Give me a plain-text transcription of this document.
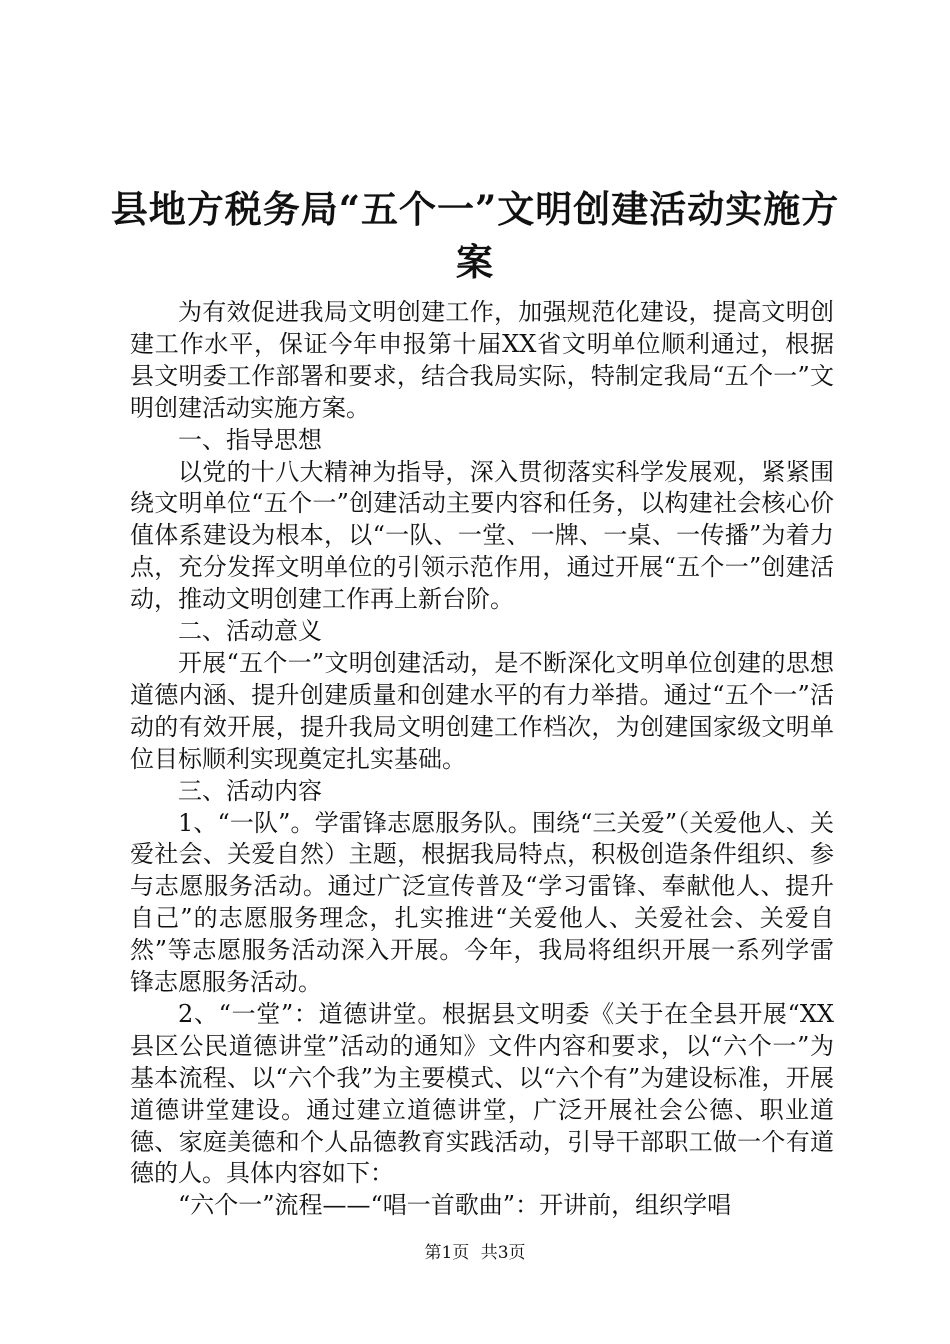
县地方税务局“五个一”文明创建活动实施方
案

为有效促进我局文明创建工作，加强规范化建设，提高文明创建工作水平，保证今年申报第十届XX省文明单位顺利通过，根据县文明委工作部署和要求，结合我局实际，特制定我局“五个一”文明创建活动实施方案。

一、指导思想

以党的十八大精神为指导，深入贯彻落实科学发展观，紧紧围绕文明单位“五个一”创建活动主要内容和任务，以构建社会核心价值体系建设为根本，以“一队、一堂、一牌、一桌、一传播”为着力点，充分发挥文明单位的引领示范作用，通过开展“五个一”创建活动，推动文明创建工作再上新台阶。

二、活动意义

开展“五个一”文明创建活动，是不断深化文明单位创建的思想道德内涵、提升创建质量和创建水平的有力举措。通过“五个一”活动的有效开展，提升我局文明创建工作档次，为创建国家级文明单位目标顺利实现奠定扎实基础。

三、活动内容

1、“一队”。学雷锋志愿服务队。围绕“三关爱”（关爱他人、关爱社会、关爱自然）主题，根据我局特点，积极创造条件组织、参与志愿服务活动。通过广泛宣传普及“学习雷锋、奉献他人、提升自己”的志愿服务理念，扎实推进“关爱他人、关爱社会、关爱自然”等志愿服务活动深入开展。今年，我局将组织开展一系列学雷锋志愿服务活动。

2、“一堂”：道德讲堂。根据县文明委《关于在全县开展“XX县区公民道德讲堂”活动的通知》文件内容和要求，以“六个一”为基本流程、以“六个我”为主要模式、以“六个有”为建设标准，开展道德讲堂建设。通过建立道德讲堂，广泛开展社会公德、职业道德、家庭美德和个人品德教育实践活动，引导干部职工做一个有道德的人。具体内容如下：

“六个一”流程——“唱一首歌曲”：开讲前，组织学唱

第1页 共3页
